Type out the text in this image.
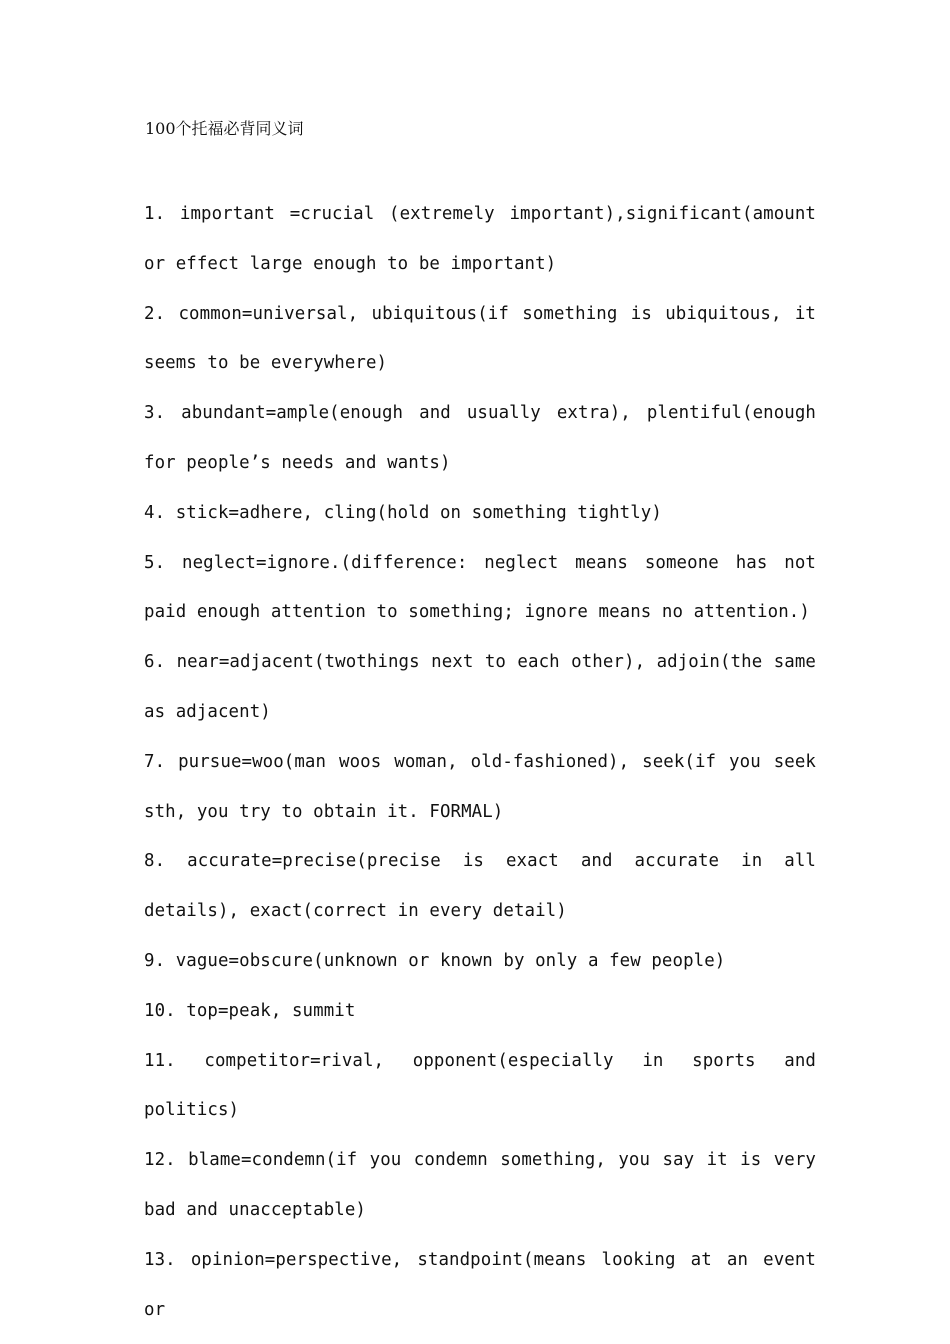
100个托福必背同义词

1. important =crucial (extremely important),significant(amount or effect large enough to be important)

2. common=universal, ubiquitous(if something is ubiquitous, it seems to be everywhere)

3. abundant=ample(enough and usually extra), plentiful(enough for people’s needs and wants)

4. stick=adhere, cling(hold on something tightly)

5. neglect=ignore.(difference: neglect means someone has not paid enough attention to something; ignore means no attention.)

6. near=adjacent(twothings next to each other), adjoin(the same as adjacent)

7. pursue=woo(man woos woman, old-fashioned), seek(if you seek sth, you try to obtain it. FORMAL)

8. accurate=precise(precise is exact and accurate in all details), exact(correct in every detail)

9. vague=obscure(unknown or known by only a few people)

10. top=peak, summit

11. competitor=rival, opponent(especially in sports and politics)

12. blame=condemn(if you condemn something, you say it is very bad and unacceptable)

13. opinion=perspective, standpoint(means looking at an event or
